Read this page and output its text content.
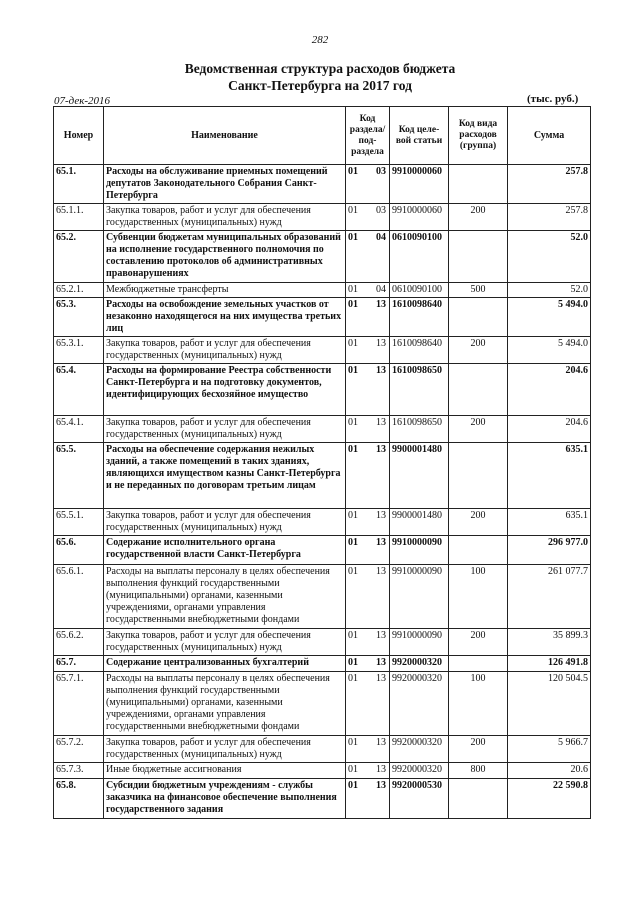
282
Ведомственная структура расходов бюджета
Санкт-Петербурга на 2017 год
07-дек-2016	(тыс. руб.)
Номер	Наименование	Код раздела/ под- раздела		Код целе- вой статьи	Код вида расходов (группа)	Сумма
65.1.	Расходы на обслуживание приемных помещений депутатов Законодательного Собрания Санкт-Петербурга	01	03	9910000060		257.8
65.1.1.	Закупка товаров, работ и услуг для обеспечения государственных (муниципальных) нужд	01	03	9910000060	200	257.8
65.2.	Субвенции бюджетам муниципальных образований на исполнение государственного полномочия по составлению протоколов об административных правонарушениях	01	04	0610090100		52.0
65.2.1.	Межбюджетные трансферты	01	04	0610090100	500	52.0
65.3.	Расходы на освобождение земельных участков от незаконно находящегося на них имущества третьих лиц	01	13	1610098640		5 494.0
65.3.1.	Закупка товаров, работ и услуг для обеспечения государственных (муниципальных) нужд	01	13	1610098640	200	5 494.0
65.4.	Расходы на формирование Реестра собственности Санкт-Петербурга и на подготовку документов, идентифицирующих бесхозяйное имущество	01	13	1610098650		204.6
65.4.1.	Закупка товаров, работ и услуг для обеспечения государственных (муниципальных) нужд	01	13	1610098650	200	204.6
65.5.	Расходы на обеспечение содержания нежилых зданий, а также помещений в таких зданиях, являющихся имуществом казны Санкт-Петербурга и не переданных по договорам третьим лицам	01	13	9900001480		635.1
65.5.1.	Закупка товаров, работ и услуг для обеспечения государственных (муниципальных) нужд	01	13	9900001480	200	635.1
65.6.	Содержание исполнительного органа государственной власти Санкт-Петербурга	01	13	9910000090		296 977.0
65.6.1.	Расходы на выплаты персоналу в целях обеспечения выполнения функций государственными (муниципальными) органами, казенными учреждениями, органами управления государственными внебюджетными фондами	01	13	9910000090	100	261 077.7
65.6.2.	Закупка товаров, работ и услуг для обеспечения государственных (муниципальных) нужд	01	13	9910000090	200	35 899.3
65.7.	Содержание централизованных бухгалтерий	01	13	9920000320		126 491.8
65.7.1.	Расходы на выплаты персоналу в целях обеспечения выполнения функций государственными (муниципальными) органами, казенными учреждениями, органами управления государственными внебюджетными фондами	01	13	9920000320	100	120 504.5
65.7.2.	Закупка товаров, работ и услуг для обеспечения государственных (муниципальных) нужд	01	13	9920000320	200	5 966.7
65.7.3.	Иные бюджетные ассигнования	01	13	9920000320	800	20.6
65.8.	Субсидии бюджетным учреждениям - службы заказчика на финансовое обеспечение выполнения государственного задания	01	13	9920000530		22 590.8
